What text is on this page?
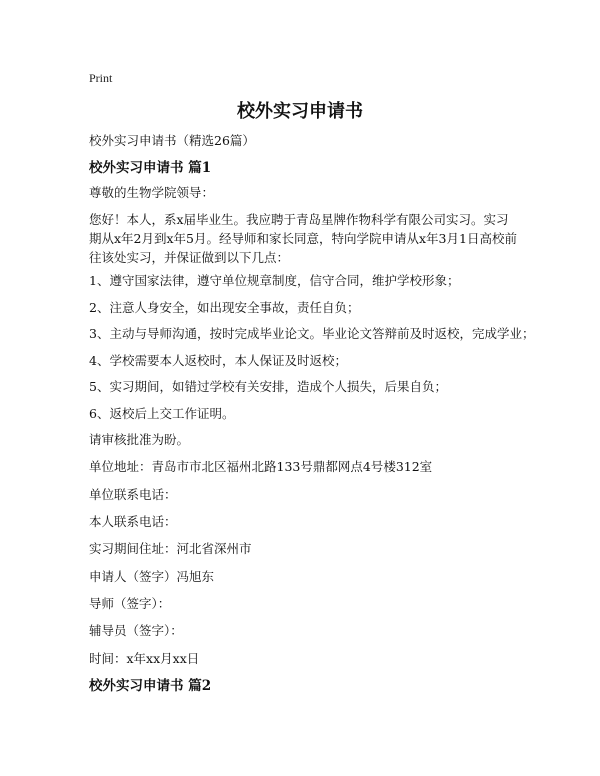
Print
校外实习申请书
校外实习申请书（精选26篇）
校外实习申请书 篇1
尊敬的生物学院领导：
您好！本人，系x届毕业生。我应聘于青岛星牌作物科学有限公司实习。实习期从x年2月到x年5月。经导师和家长同意，特向学院申请从x年3月1日高校前往该处实习，并保证做到以下几点：
1、遵守国家法律，遵守单位规章制度，信守合同，维护学校形象；
2、注意人身安全，如出现安全事故，责任自负；
3、主动与导师沟通，按时完成毕业论文。毕业论文答辩前及时返校，完成学业；
4、学校需要本人返校时，本人保证及时返校；
5、实习期间，如错过学校有关安排，造成个人损失，后果自负；
6、返校后上交工作证明。
请审核批准为盼。
单位地址：青岛市市北区福州北路133号鼎都网点4号楼312室
单位联系电话：
本人联系电话：
实习期间住址：河北省深州市
申请人（签字）冯旭东
导师（签字）：
辅导员（签字）：
时间：x年xx月xx日
校外实习申请书 篇2
